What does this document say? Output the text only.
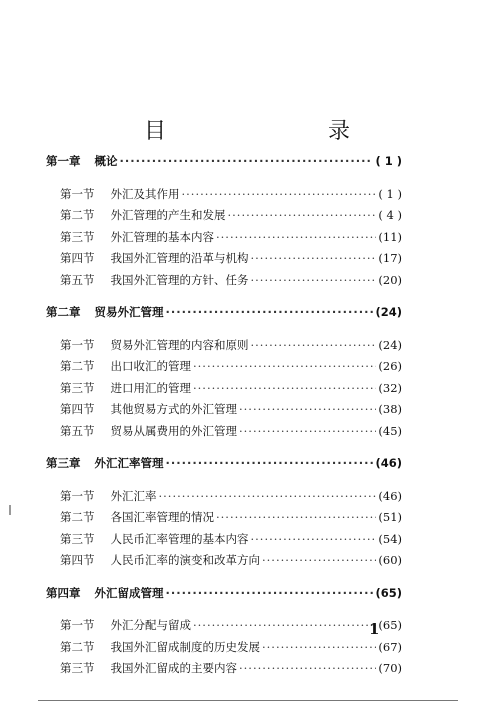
目　录
第一章 概论 ·····	( 1 )
第一节 外汇及其作用 ·····	( 1 )
第二节 外汇管理的产生和发展 ·····	( 4 )
第三节 外汇管理的基本内容 ·····	(11)
第四节 我国外汇管理的沿革与机构 ·····	(17)
第五节 我国外汇管理的方针、任务 ·····	(20)
第二章 贸易外汇管理 ·····	(24)
第一节 贸易外汇管理的内容和原则 ·····	(24)
第二节 出口收汇的管理 ·····	(26)
第三节 进口用汇的管理 ·····	(32)
第四节 其他贸易方式的外汇管理 ·····	(38)
第五节 贸易从属费用的外汇管理 ·····	(45)
第三章 外汇汇率管理 ·····	(46)
第一节 外汇汇率 ·····	(46)
第二节 各国汇率管理的情况 ·····	(51)
第三节 人民币汇率管理的基本内容 ·····	(54)
第四节 人民币汇率的演变和改革方向 ·····	(60)
第四章 外汇留成管理 ·····	(65)
第一节 外汇分配与留成 ·····	(65)
第二节 我国外汇留成制度的历史发展 ·····	(67)
第三节 我国外汇留成的主要内容 ·····	(70)
1
